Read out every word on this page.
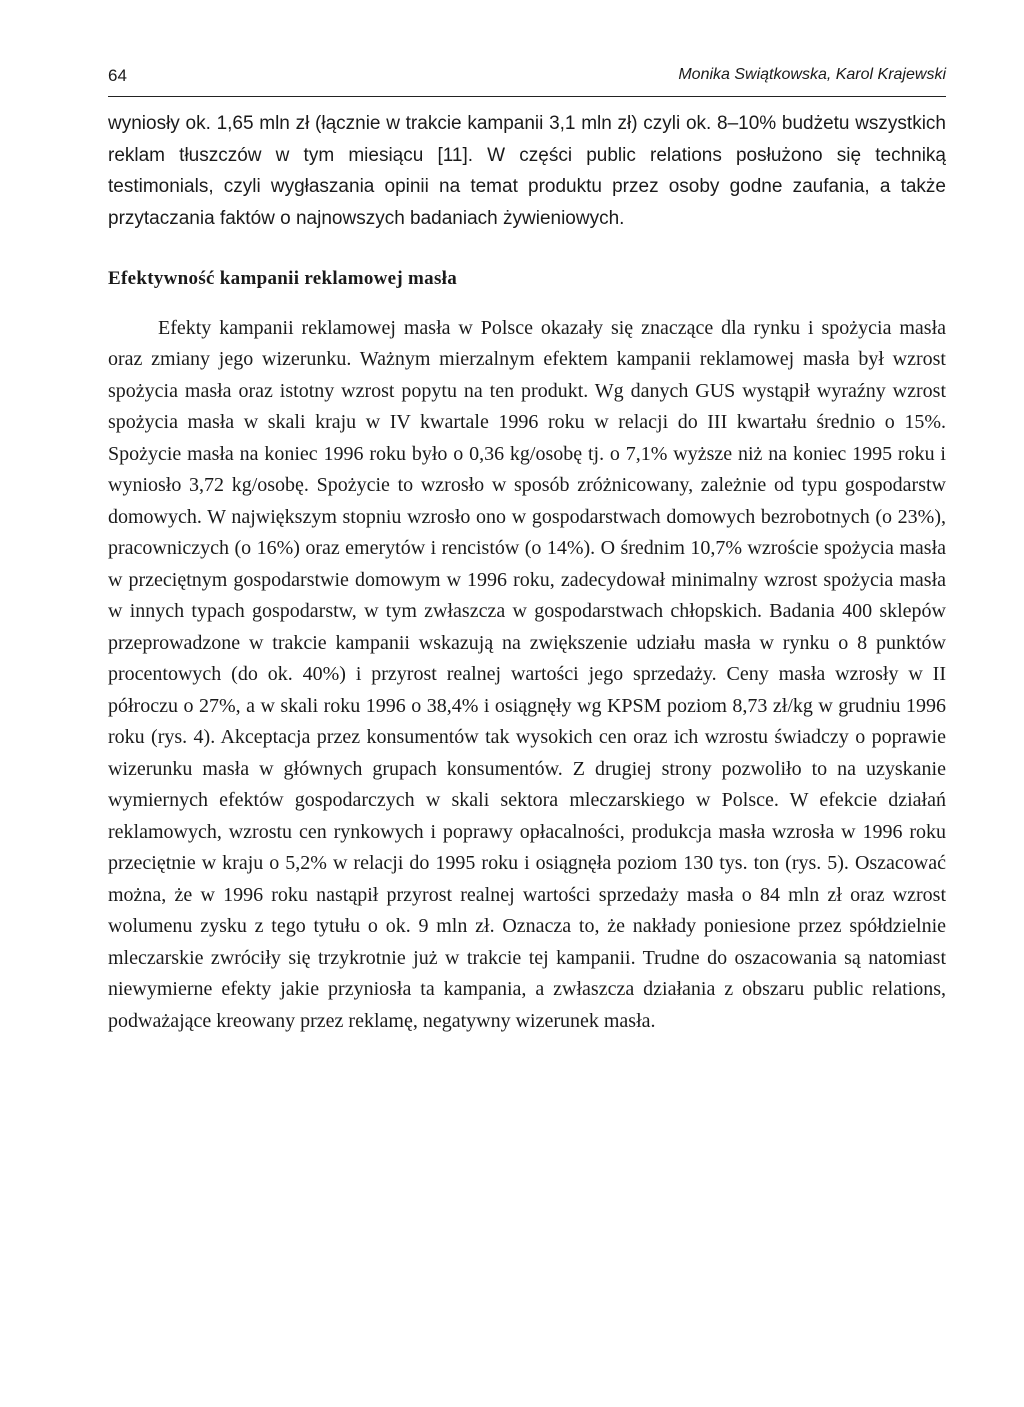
64	Monika Swiątkowska, Karol Krajewski

wyniosły ok. 1,65 mln zł (łącznie w trakcie kampanii 3,1 mln zł) czyli ok. 8–10% budżetu wszystkich reklam tłuszczów w tym miesiącu [11]. W części public relations posłużono się techniką testimonials, czyli wygłaszania opinii na temat produktu przez osoby godne zaufania, a także przytaczania faktów o najnowszych badaniach żywieniowych.

Efektywność kampanii reklamowej masła

Efekty kampanii reklamowej masła w Polsce okazały się znaczące dla rynku i spożycia masła oraz zmiany jego wizerunku. Ważnym mierzalnym efektem kampanii reklamowej masła był wzrost spożycia masła oraz istotny wzrost popytu na ten produkt. Wg danych GUS wystąpił wyraźny wzrost spożycia masła w skali kraju w IV kwartale 1996 roku w relacji do III kwartału średnio o 15%. Spożycie masła na koniec 1996 roku było o 0,36 kg/osobę tj. o 7,1% wyższe niż na koniec 1995 roku i wyniosło 3,72 kg/osobę. Spożycie to wzrosło w sposób zróżnicowany, zależnie od typu gospodarstw domowych. W największym stopniu wzrosło ono w gospodarstwach domowych bezrobotnych (o 23%), pracowniczych (o 16%) oraz emerytów i rencistów (o 14%). O średnim 10,7% wzroście spożycia masła w przeciętnym gospodarstwie domowym w 1996 roku, zadecydował minimalny wzrost spożycia masła w innych typach gospodarstw, w tym zwłaszcza w gospodarstwach chłopskich. Badania 400 sklepów przeprowadzone w trakcie kampanii wskazują na zwiększenie udziału masła w rynku o 8 punktów procentowych (do ok. 40%) i przyrost realnej wartości jego sprzedaży. Ceny masła wzrosły w II półroczu o 27%, a w skali roku 1996 o 38,4% i osiągnęły wg KPSM poziom 8,73 zł/kg w grudniu 1996 roku (rys. 4). Akceptacja przez konsumentów tak wysokich cen oraz ich wzrostu świadczy o poprawie wizerunku masła w głównych grupach konsumentów. Z drugiej strony pozwoliło to na uzyskanie wymiernych efektów gospodarczych w skali sektora mleczarskiego w Polsce. W efekcie działań reklamowych, wzrostu cen rynkowych i poprawy opłacalności, produkcja masła wzrosła w 1996 roku przeciętnie w kraju o 5,2% w relacji do 1995 roku i osiągnęła poziom 130 tys. ton (rys. 5). Oszacować można, że w 1996 roku nastąpił przyrost realnej wartości sprzedaży masła o 84 mln zł oraz wzrost wolumenu zysku z tego tytułu o ok. 9 mln zł. Oznacza to, że nakłady poniesione przez spółdzielnie mleczarskie zwróciły się trzykrotnie już w trakcie tej kampanii. Trudne do oszacowania są natomiast niewymierne efekty jakie przyniosła ta kampania, a zwłaszcza działania z obszaru public relations, podważające kreowany przez reklamę, negatywny wizerunek masła.
